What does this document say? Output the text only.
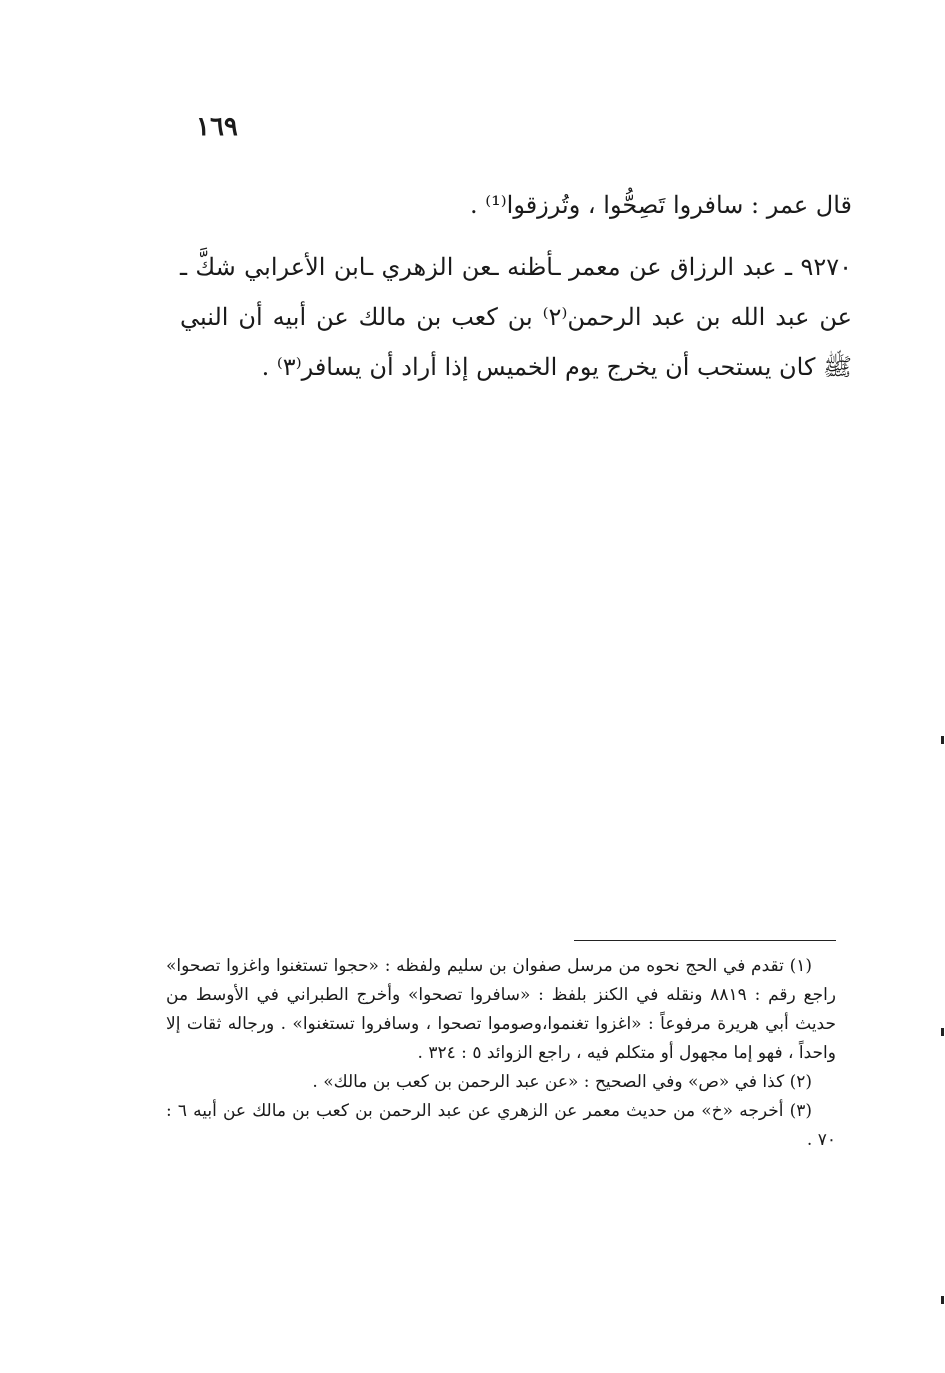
١٦٩

قال عمر : سافروا تَصِحُّوا ، وتُرزقوا⁽¹⁾ .

٩٢٧٠ ـ عبد الرزاق عن معمر ـأظنه ـعن الزهري ـابن الأعرابي شكَّ ـ عن عبد الله بن عبد الرحمن⁽٢⁾ بن كعب بن مالك عن أبيه أن النبي ﷺ كان يستحب أن يخرج يوم الخميس إذا أراد أن يسافر⁽٣⁾ .

(١) تقدم في الحج نحوه من مرسل صفوان بن سليم ولفظه : «حجوا تستغنوا واغزوا تصحوا» راجع رقم : ٨٨١٩ ونقله في الكنز بلفظ : «سافروا تصحوا» وأخرج الطبراني في الأوسط من حديث أبي هريرة مرفوعاً : «اغزوا تغنموا،وصوموا تصحوا ، وسافروا تستغنوا» . ورجاله ثقات إلا واحداً ، فهو إما مجهول أو متكلم فيه ، راجع الزوائد ٥ : ٣٢٤ .

(٢) كذا في «ص» وفي الصحيح : «عن عبد الرحمن بن كعب بن مالك» .

(٣) أخرجه «خ» من حديث معمر عن الزهري عن عبد الرحمن بن كعب بن مالك عن أبيه ٦ : ٧٠ .
